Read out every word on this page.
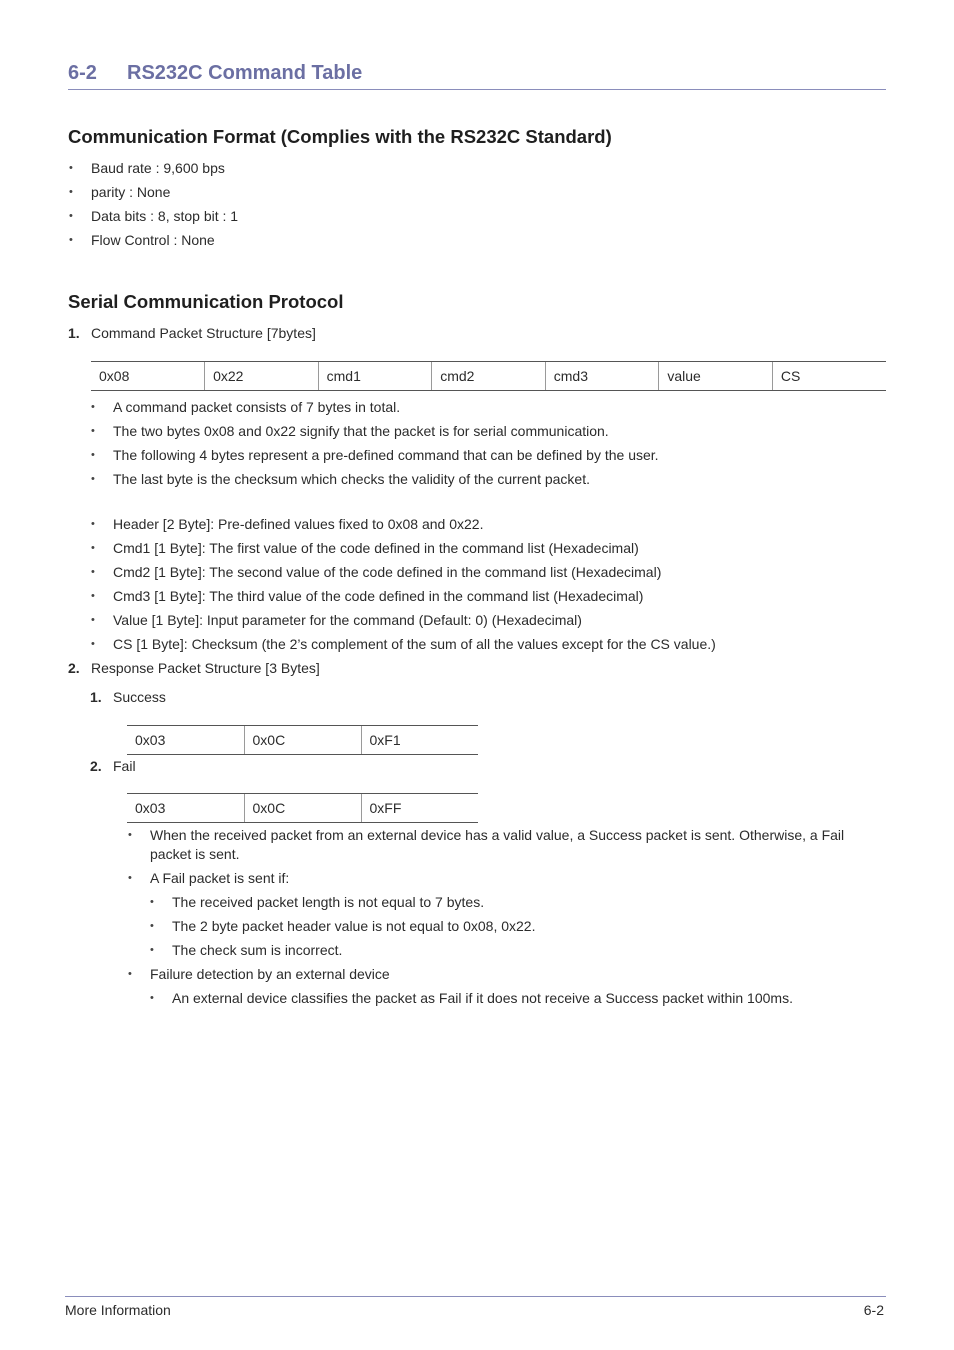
6-2 RS232C Command Table
Communication Format (Complies with the RS232C Standard)
• Baud rate : 9,600 bps
• parity : None
• Data bits : 8, stop bit : 1
• Flow Control : None
Serial Communication Protocol
1. Command Packet Structure [7bytes]
0x08	0x22	cmd1	cmd2	cmd3	value	CS
• A command packet consists of 7 bytes in total.
• The two bytes 0x08 and 0x22 signify that the packet is for serial communication.
• The following 4 bytes represent a pre-defined command that can be defined by the user.
• The last byte is the checksum which checks the validity of the current packet.
• Header [2 Byte]: Pre-defined values fixed to 0x08 and 0x22.
• Cmd1 [1 Byte]: The first value of the code defined in the command list (Hexadecimal)
• Cmd2 [1 Byte]: The second value of the code defined in the command list (Hexadecimal)
• Cmd3 [1 Byte]: The third value of the code defined in the command list (Hexadecimal)
• Value [1 Byte]: Input parameter for the command (Default: 0) (Hexadecimal)
• CS [1 Byte]: Checksum (the 2’s complement of the sum of all the values except for the CS value.)
2. Response Packet Structure [3 Bytes]
1. Success
0x03	0x0C	0xF1
2. Fail
0x03	0x0C	0xFF
• When the received packet from an external device has a valid value, a Success packet is sent. Otherwise, a Fail
packet is sent.
• A Fail packet is sent if:
• The received packet length is not equal to 7 bytes.
• The 2 byte packet header value is not equal to 0x08, 0x22.
• The check sum is incorrect.
• Failure detection by an external device
• An external device classifies the packet as Fail if it does not receive a Success packet within 100ms.
More Information	6-2
